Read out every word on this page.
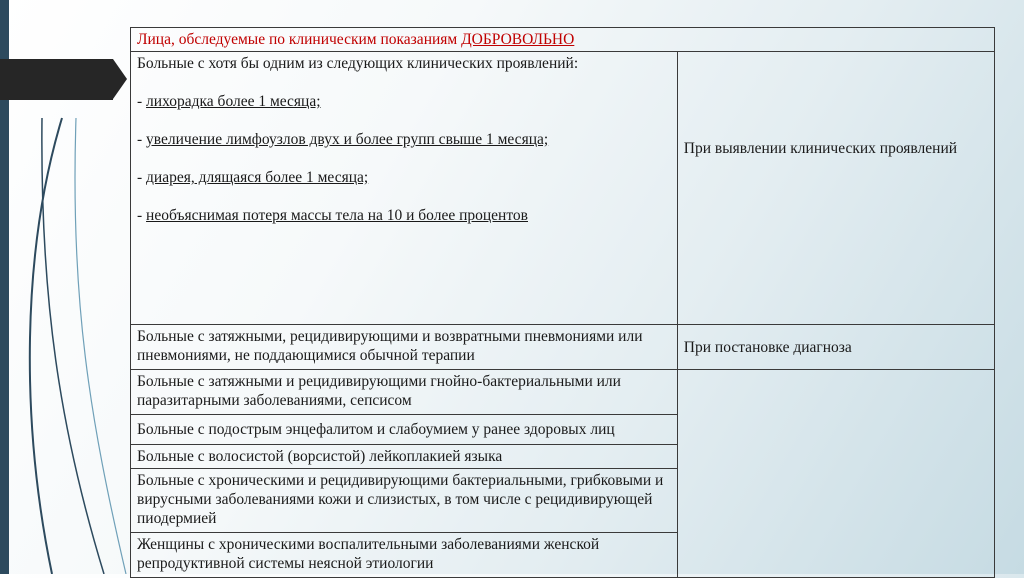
Лица, обследуемые по клиническим показаниям ДОБРОВОЛЬНО	

Больные с хотя бы одним из следующих клинических проявлений:
- лихорадка более 1 месяца;
- увеличение лимфоузлов двух и более групп свыше 1 месяца;
- диарея, длящаяся более 1 месяца;
- необъяснимая потеря массы тела на 10 и более процентов	При выявлении клинических проявлений
Больные с затяжными, рецидивирующими и возвратными пневмониями или пневмониями, не поддающимися обычной терапии	При постановке диагноза
Больные с затяжными и рецидивирующими гнойно-бактериальными или паразитарными заболеваниями, сепсисом	
Больные с подострым энцефалитом и слабоумием у ранее здоровых лиц	
Больные с волосистой (ворсистой) лейкоплакией языка	
Больные с хроническими и рецидивирующими бактериальными, грибковыми и вирусными заболеваниями кожи и слизистых, в том числе с рецидивирующей пиодермией	
Женщины с хроническими воспалительными заболеваниями женской репродуктивной системы неясной этиологии	
